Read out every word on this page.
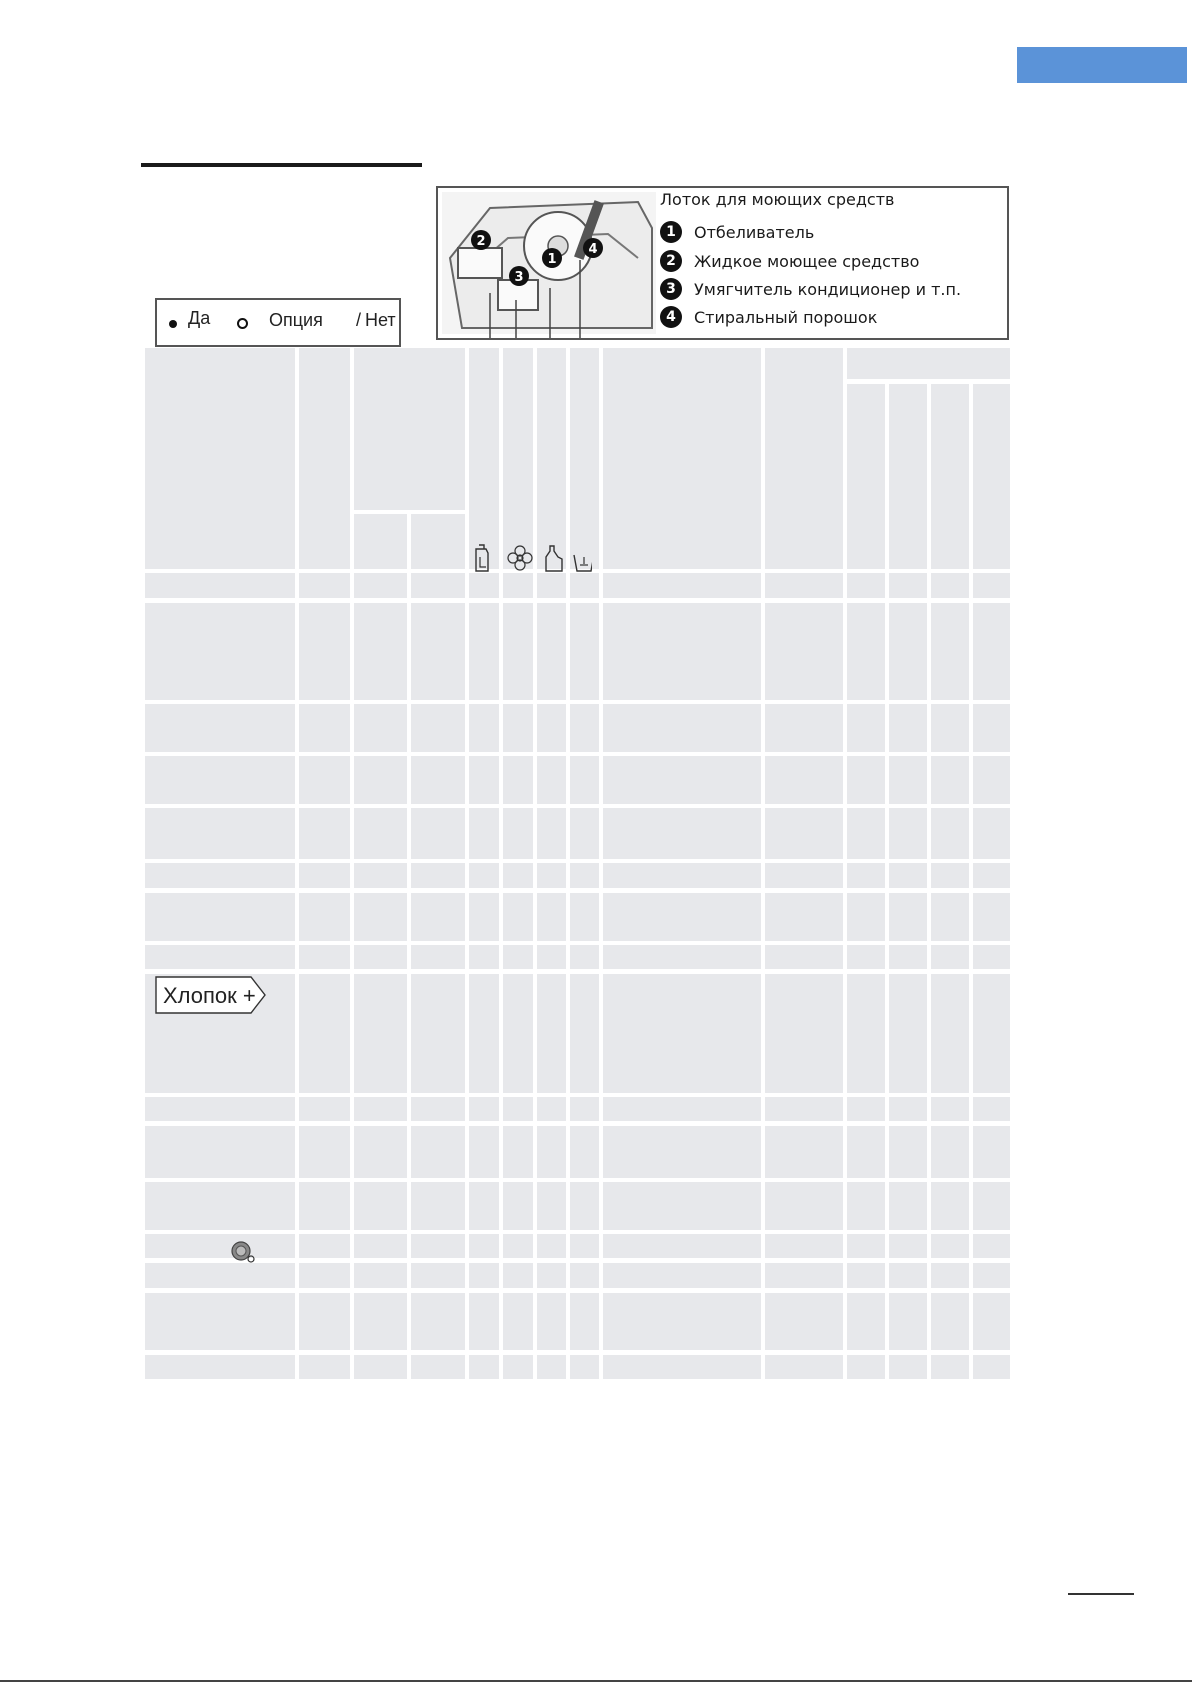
Да	Опция / Нет
2
3
1
4
Лоток для моющих средств
1	Отбеливатель
2	Жидкое моющее средство
3	Умягчитель кондиционер и т.п.
4	Стиральный порошок
Хлопок +
